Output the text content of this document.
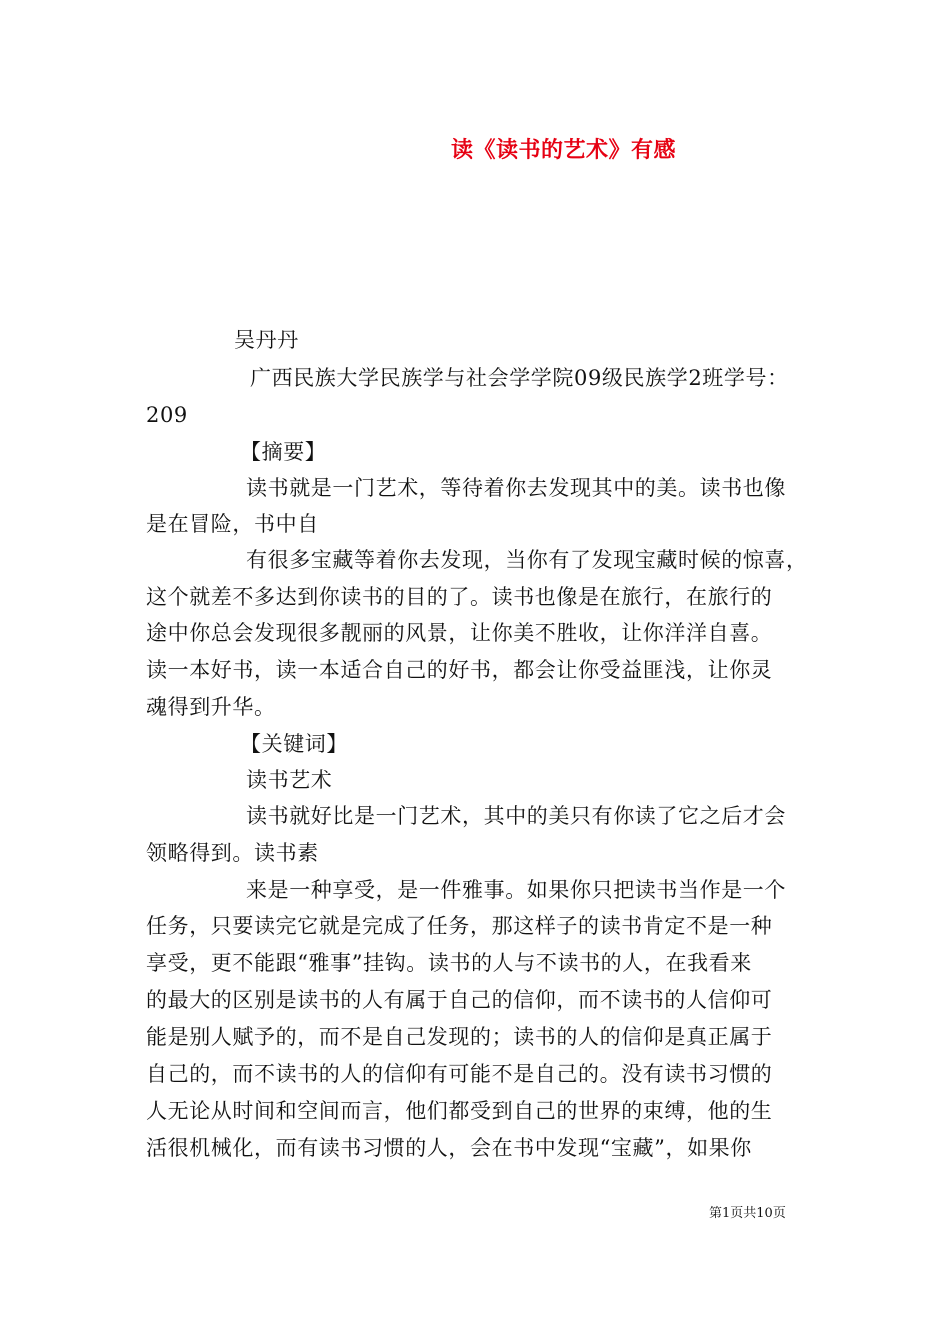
读《读书的艺术》有感
吴丹丹
广西民族大学民族学与社会学学院09级民族学2班学号：
209
【摘要】
读书就是一门艺术，等待着你去发现其中的美。读书也像
是在冒险，书中自
有很多宝藏等着你去发现，当你有了发现宝藏时候的惊喜，
这个就差不多达到你读书的目的了。读书也像是在旅行，在旅行的
途中你总会发现很多靓丽的风景，让你美不胜收，让你洋洋自喜。
读一本好书，读一本适合自己的好书，都会让你受益匪浅，让你灵
魂得到升华。
【关键词】
读书艺术
读书就好比是一门艺术，其中的美只有你读了它之后才会
领略得到。读书素
来是一种享受，是一件雅事。如果你只把读书当作是一个
任务，只要读完它就是完成了任务，那这样子的读书肯定不是一种
享受，更不能跟“雅事”挂钩。读书的人与不读书的人，在我看来
的最大的区别是读书的人有属于自己的信仰，而不读书的人信仰可
能是别人赋予的，而不是自己发现的；读书的人的信仰是真正属于
自己的，而不读书的人的信仰有可能不是自己的。没有读书习惯的
人无论从时间和空间而言，他们都受到自己的世界的束缚，他的生
活很机械化，而有读书习惯的人，会在书中发现“宝藏”，如果你
第1页共10页
